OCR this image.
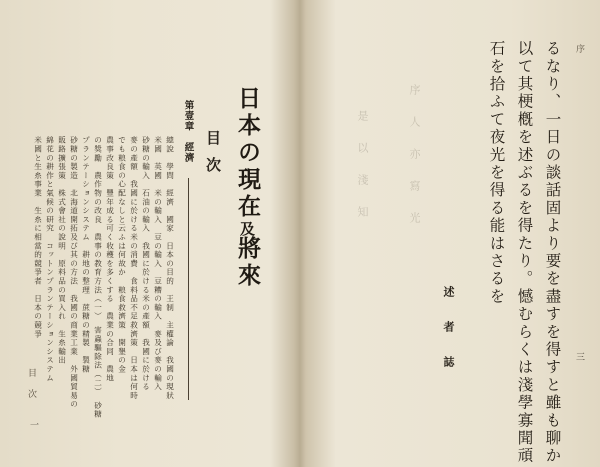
日本の現在及將來
目次
第壹章　經濟
總說　學問　經濟　國家　日本の目的　王制　主權論　我國の現狀
米國　英國　米の輸入　豆の輸入　豆糟の輸入　麥及び麥の輸入
砂糖の輸入　石油の輸入　我國に於ける米の產額　我國に於ける
麥の產額　我國に於ける米の消費　食料品不足救濟策　日本は何時
でも粮食の心配なしと云ふは何故か　粮食救濟策　開墾の金
農事改良策　豐年成る可く收穫を多くする　農業の合同　農地
の獎勵　農作物の改良　農事の教育方法（一）　害蟲驅除法（二）　砂糖
プランテーションシステム　耕地の整理　蔗糖の精製　製糖
砂糖の製造　北海道開拓及び其の方法　我國の商業工業　外國貿易の
販路擴張策　株式會社の說明　原料品の買入れ　生糸輸出
綿花の耕作と氣候の研究　コットンプランテーションシステム
米國と生糸事業　生糸に相當的競爭者　日本の競爭
目次
一
序　人　亦　寫　光
是　以　淺　知
序
三
るなり、一日の談話固より要を盡すを得すと雖も聊か
以て其梗槪を述ぶるを得たり。憾むらくは淺學寡聞頑
石を拾ふて夜光を得る能はさるを
述者誌
